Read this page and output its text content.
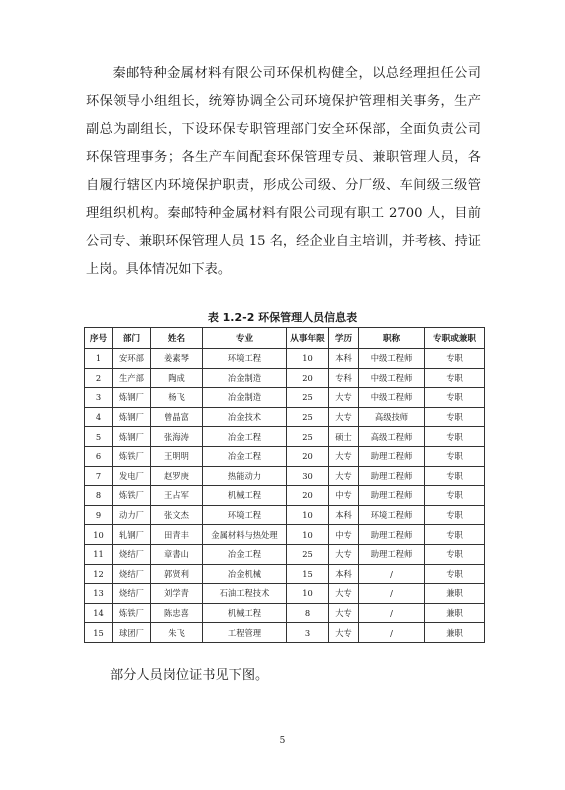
秦邮特种金属材料有限公司环保机构健全，以总经理担任公司环保领导小组组长，统筹协调全公司环境保护管理相关事务，生产副总为副组长，下设环保专职管理部门安全环保部，全面负责公司环保管理事务；各生产车间配套环保管理专员、兼职管理人员，各自履行辖区内环境保护职责，形成公司级、分厂级、车间级三级管理组织机构。秦邮特种金属材料有限公司现有职工 2700 人，目前公司专、兼职环保管理人员 15 名，经企业自主培训，并考核、持证上岗。具体情况如下表。

表 1.2-2 环保管理人员信息表

序号	部门	姓名	专业	从事年限	学历	职称	专职或兼职
1	安环部	姜素琴	环境工程	10	本科	中级工程师	专职
2	生产部	陶成	冶金制造	20	专科	中级工程师	专职
3	炼钢厂	杨飞	冶金制造	25	大专	中级工程师	专职
4	炼钢厂	曾晶富	冶金技术	25	大专	高级技师	专职
5	炼钢厂	张海涛	冶金工程	25	硕士	高级工程师	专职
6	炼铁厂	王明明	冶金工程	20	大专	助理工程师	专职
7	发电厂	赵罗庚	热能动力	30	大专	助理工程师	专职
8	炼铁厂	王占军	机械工程	20	中专	助理工程师	专职
9	动力厂	张文杰	环境工程	10	本科	环境工程师	专职
10	轧钢厂	田青丰	金属材料与热处理	10	中专	助理工程师	专职
11	烧结厂	章書山	冶金工程	25	大专	助理工程师	专职
12	烧结厂	郭贤利	冶金机械	15	本科	/	专职
13	烧结厂	刘学青	石油工程技术	10	大专	/	兼职
14	炼铁厂	陈忠喜	机械工程	8	大专	/	兼职
15	球团厂	朱飞	工程管理	3	大专	/	兼职

部分人员岗位证书见下图。

5
